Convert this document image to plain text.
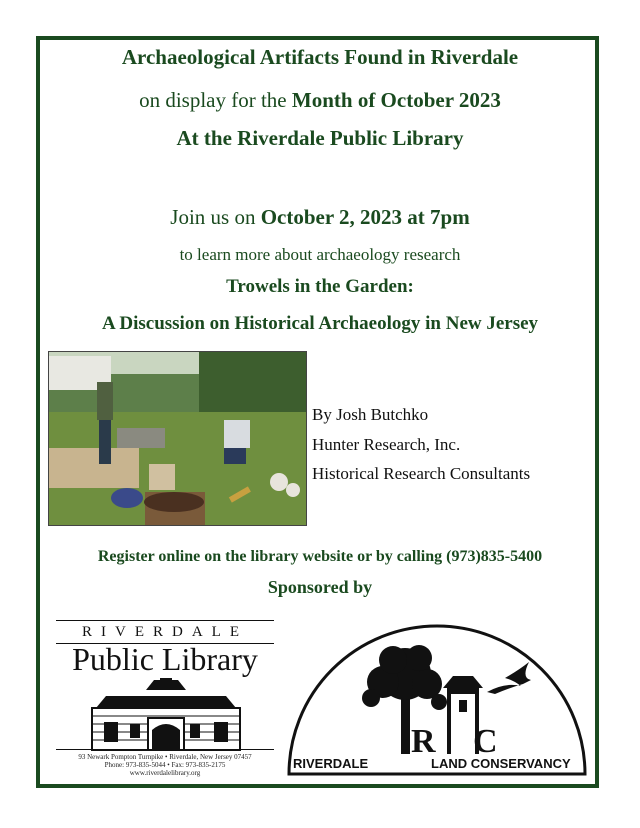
Archaeological Artifacts Found in Riverdale
on display for the Month of October 2023
At the Riverdale Public Library
Join us on October 2, 2023 at 7pm
to learn more about archaeology research
Trowels in the Garden:
A Discussion on Historical Archaeology in New Jersey
By Josh Butchko
Hunter Research, Inc.
Historical Research Consultants
Register online on the library website or by calling (973)835-5400
Sponsored by
RIVERDALE
Public Library
93 Newark Pompton Turnpike • Riverdale, New Jersey 07457
Phone: 973-835-5044 • Fax: 973-835-2175
www.riverdalelibrary.org
R C
RIVERDALE	LAND CONSERVANCY
